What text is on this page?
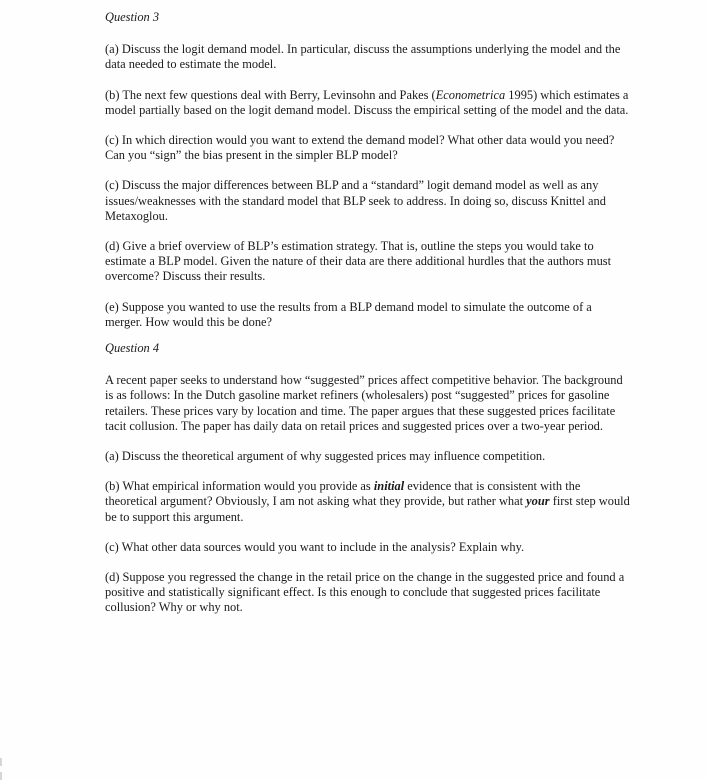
Question 3

(a) Discuss the logit demand model. In particular, discuss the assumptions underlying the model and the data needed to estimate the model.

(b) The next few questions deal with Berry, Levinsohn and Pakes (Econometrica 1995) which estimates a model partially based on the logit demand model. Discuss the empirical setting of the model and the data.

(c) In which direction would you want to extend the demand model? What other data would you need? Can you “sign” the bias present in the simpler BLP model?

(c) Discuss the major differences between BLP and a “standard” logit demand model as well as any issues/weaknesses with the standard model that BLP seek to address. In doing so, discuss Knittel and Metaxoglou.

(d) Give a brief overview of BLP’s estimation strategy. That is, outline the steps you would take to estimate a BLP model. Given the nature of their data are there additional hurdles that the authors must overcome? Discuss their results.

(e) Suppose you wanted to use the results from a BLP demand model to simulate the outcome of a merger. How would this be done?

Question 4

A recent paper seeks to understand how “suggested” prices affect competitive behavior. The background is as follows: In the Dutch gasoline market refiners (wholesalers) post “suggested” prices for gasoline retailers. These prices vary by location and time. The paper argues that these suggested prices facilitate tacit collusion. The paper has daily data on retail prices and suggested prices over a two-year period.

(a) Discuss the theoretical argument of why suggested prices may influence competition.

(b) What empirical information would you provide as initial evidence that is consistent with the theoretical argument? Obviously, I am not asking what they provide, but rather what your first step would be to support this argument.

(c) What other data sources would you want to include in the analysis? Explain why.

(d) Suppose you regressed the change in the retail price on the change in the suggested price and found a positive and statistically significant effect. Is this enough to conclude that suggested prices facilitate collusion? Why or why not.
